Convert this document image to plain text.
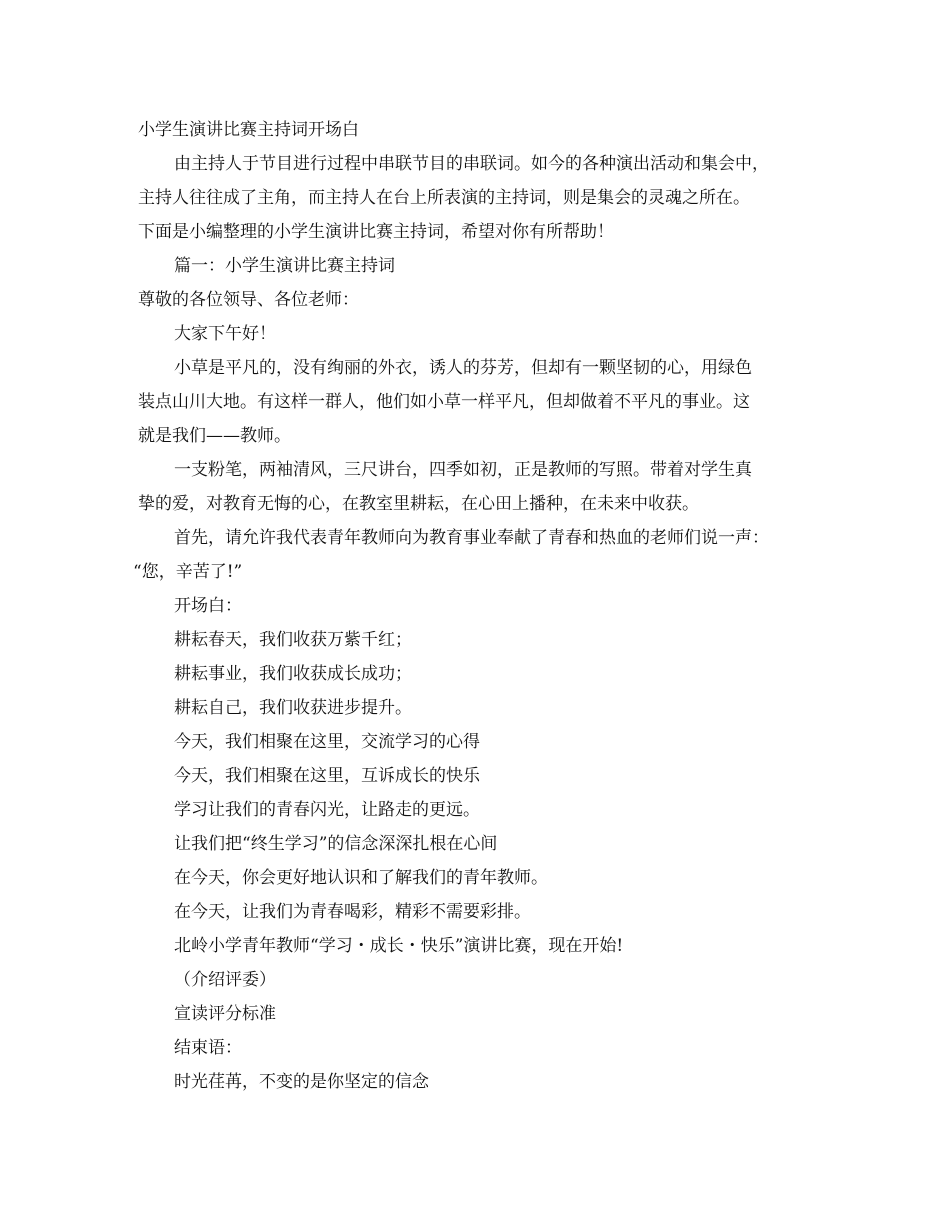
小学生演讲比赛主持词开场白
由主持人于节目进行过程中串联节目的串联词。如今的各种演出活动和集会中，
主持人往往成了主角，而主持人在台上所表演的主持词，则是集会的灵魂之所在。
下面是小编整理的小学生演讲比赛主持词，希望对你有所帮助！
篇一：小学生演讲比赛主持词
尊敬的各位领导、各位老师：
大家下午好！
小草是平凡的，没有绚丽的外衣，诱人的芬芳，但却有一颗坚韧的心，用绿色
装点山川大地。有这样一群人，他们如小草一样平凡，但却做着不平凡的事业。这
就是我们——教师。
一支粉笔，两袖清风，三尺讲台，四季如初，正是教师的写照。带着对学生真
挚的爱，对教育无悔的心，在教室里耕耘，在心田上播种，在未来中收获。
首先，请允许我代表青年教师向为教育事业奉献了青春和热血的老师们说一声：
“您，辛苦了!”
开场白：
耕耘春天，我们收获万紫千红；
耕耘事业，我们收获成长成功；
耕耘自己，我们收获进步提升。
今天，我们相聚在这里，交流学习的心得
今天，我们相聚在这里，互诉成长的快乐
学习让我们的青春闪光，让路走的更远。
让我们把“终生学习”的信念深深扎根在心间
在今天，你会更好地认识和了解我们的青年教师。
在今天，让我们为青春喝彩，精彩不需要彩排。
北岭小学青年教师“学习・成长・快乐”演讲比赛，现在开始!
（介绍评委）
宣读评分标准
结束语：
时光荏苒，不变的是你坚定的信念
